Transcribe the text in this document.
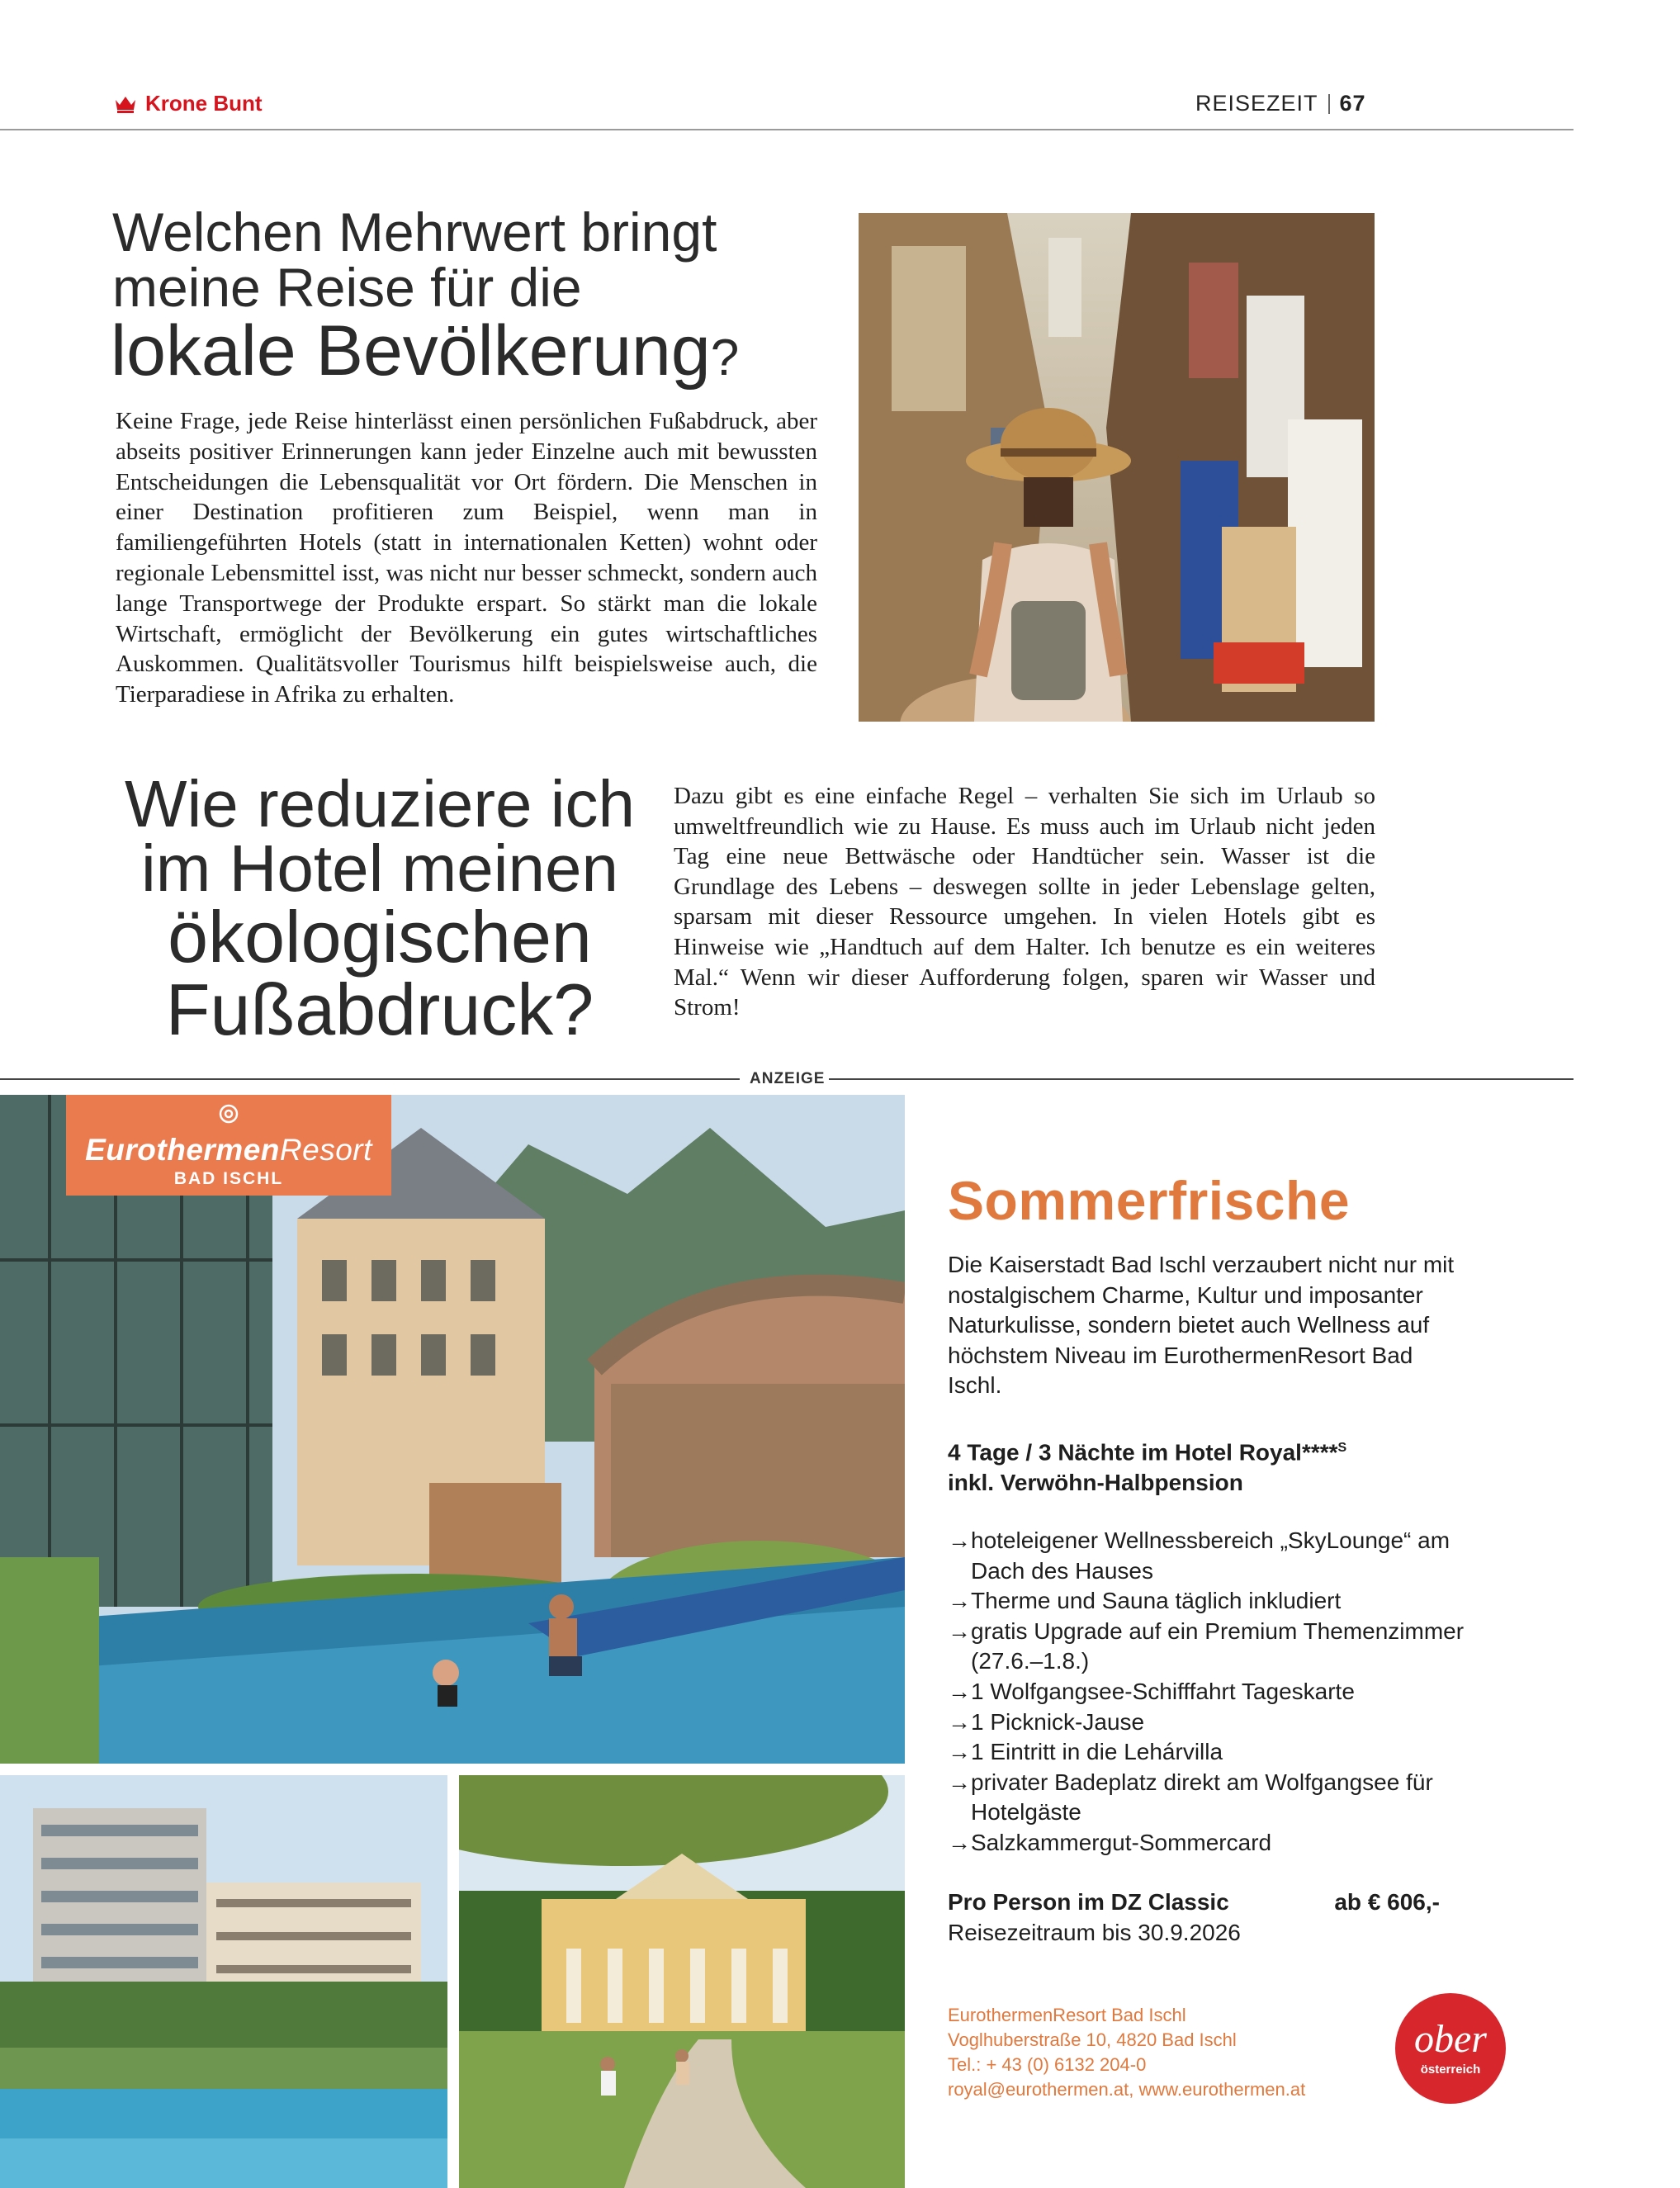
Krone Bunt	REISEZEIT 67
Welchen Mehrwert bringt
meine Reise für die
lokale Bevölkerung?

Keine Frage, jede Reise hinterlässt einen persönlichen Fußabdruck, aber abseits positiver Erinnerungen kann jeder Einzelne auch mit bewussten Entscheidungen die Lebensqualität vor Ort fördern. Die Menschen in einer Destination profitieren zum Beispiel, wenn man in familiengeführten Hotels (statt in internationalen Ketten) wohnt oder regionale Lebensmittel isst, was nicht nur besser schmeckt, sondern auch lange Transportwege der Produkte erspart. So stärkt man die lokale Wirtschaft, ermöglicht der Bevölkerung ein gutes wirtschaftliches Auskommen. Qualitätsvoller Tourismus hilft beispielsweise auch, die Tierparadiese in Afrika zu erhalten.

Wie reduziere ich
im Hotel meinen
ökologischen
Fußabdruck?

Dazu gibt es eine einfache Regel – verhalten Sie sich im Urlaub so umweltfreundlich wie zu Hause. Es muss auch im Urlaub nicht jeden Tag eine neue Bettwäsche oder Handtücher sein. Wasser ist die Grundlage des Lebens – deswegen sollte in jeder Lebenslage gelten, sparsam mit dieser Ressource umgehen. In vielen Hotels gibt es Hinweise wie „Handtuch auf dem Halter. Ich benutze es ein weiteres Mal.“ Wenn wir dieser Aufforderung folgen, sparen wir Wasser und Strom!

ANZEIGE
EurothermenResort
BAD ISCHL	Sommerfrische

Die Kaiserstadt Bad Ischl verzaubert nicht nur mit nostalgischem Charme, Kultur und imposanter Naturkulisse, sondern bietet auch Wellness auf höchstem Niveau im EurothermenResort Bad Ischl.

4 Tage / 3 Nächte im Hotel Royal****$^S$
inkl. Verwöhn-Halbpension
→ hoteleigener Wellnessbereich „SkyLounge“ am Dach des Hauses
→ Therme und Sauna täglich inkludiert
→ gratis Upgrade auf ein Premium Themenzimmer (27.6.–1.8.)
→ 1 Wolfgangsee-Schifffahrt Tageskarte
→ 1 Picknick-Jause
→ 1 Eintritt in die Lehárvilla
→ privater Badeplatz direkt am Wolfgangsee für Hotelgäste
→ Salzkammergut-Sommercard
Pro Person im DZ Classic	ab € 606,-
Reisezeitraum bis 30.9.2026
EurothermenResort Bad Ischl
Voglhuberstraße 10, 4820 Bad Ischl
Tel.: + 43 (0) 6132 204-0
royal@eurothermen.at, www.eurothermen.at
ober
österreich
